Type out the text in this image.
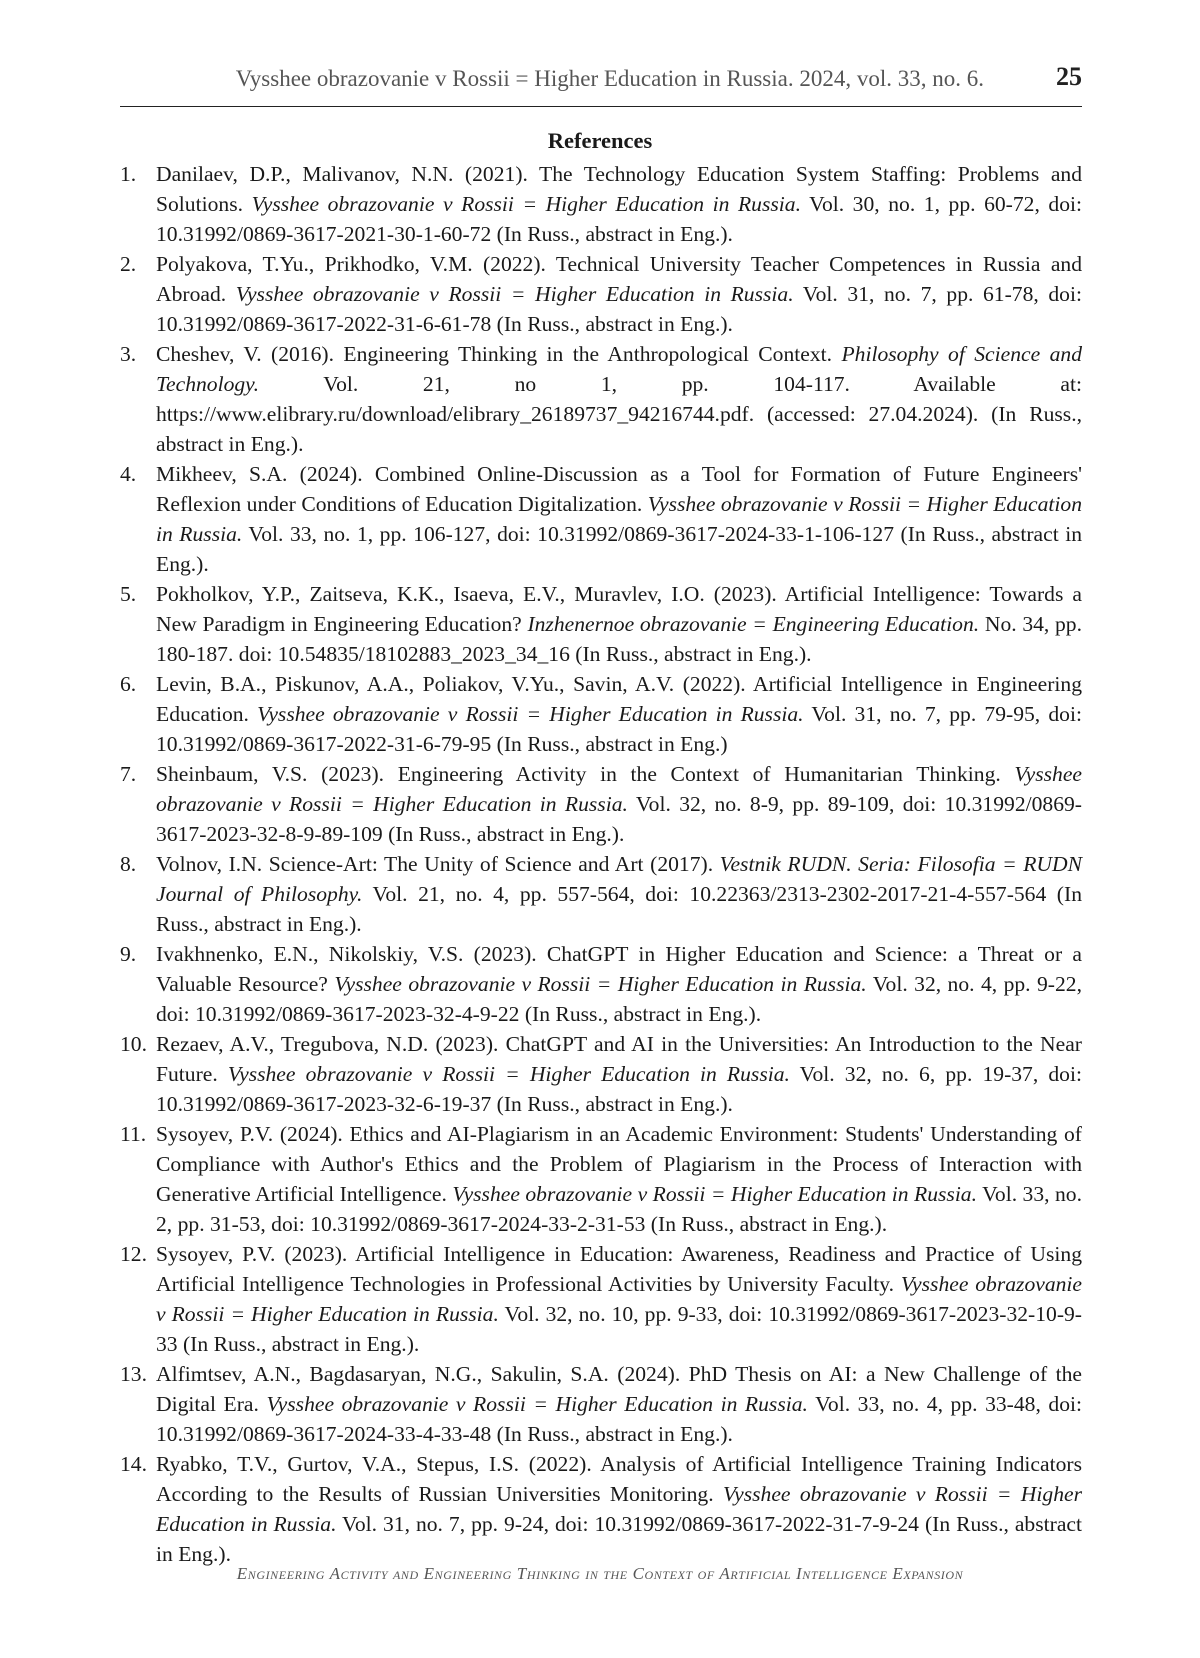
Vysshee obrazovanie v Rossii = Higher Education in Russia. 2024, vol. 33, no. 6.	25
References
1. Danilaev, D.P., Malivanov, N.N. (2021). The Technology Education System Staffing: Problems and Solutions. Vysshee obrazovanie v Rossii = Higher Education in Russia. Vol. 30, no. 1, pp. 60-72, doi: 10.31992/0869-3617-2021-30-1-60-72 (In Russ., abstract in Eng.).
2. Polyakova, T.Yu., Prikhodko, V.M. (2022). Technical University Teacher Competences in Russia and Abroad. Vysshee obrazovanie v Rossii = Higher Education in Russia. Vol. 31, no. 7, pp. 61-78, doi: 10.31992/0869-3617-2022-31-6-61-78 (In Russ., abstract in Eng.).
3. Cheshev, V. (2016). Engineering Thinking in the Anthropological Context. Philosophy of Science and Technology. Vol. 21, no 1, pp. 104-117. Available at: https://www.elibrary.ru/download/elibrary_26189737_94216744.pdf. (accessed: 27.04.2024). (In Russ., abstract in Eng.).
4. Mikheev, S.A. (2024). Combined Online-Discussion as a Tool for Formation of Future Engineers' Reflexion under Conditions of Education Digitalization. Vysshee obrazovanie v Rossii = Higher Education in Russia. Vol. 33, no. 1, pp. 106-127, doi: 10.31992/0869-3617-2024-33-1-106-127 (In Russ., abstract in Eng.).
5. Pokholkov, Y.P., Zaitseva, K.K., Isaeva, E.V., Muravlev, I.O. (2023). Artificial Intelligence: Towards a New Paradigm in Engineering Education? Inzhenernoe obrazovanie = Engineering Education. No. 34, pp. 180-187. doi: 10.54835/18102883_2023_34_16 (In Russ., abstract in Eng.).
6. Levin, B.A., Piskunov, A.A., Poliakov, V.Yu., Savin, A.V. (2022). Artificial Intelligence in Engineering Education. Vysshee obrazovanie v Rossii = Higher Education in Russia. Vol. 31, no. 7, pp. 79-95, doi: 10.31992/0869-3617-2022-31-6-79-95 (In Russ., abstract in Eng.)
7. Sheinbaum, V.S. (2023). Engineering Activity in the Context of Humanitarian Thinking. Vysshee obrazovanie v Rossii = Higher Education in Russia. Vol. 32, no. 8-9, pp. 89-109, doi: 10.31992/0869-3617-2023-32-8-9-89-109 (In Russ., abstract in Eng.).
8. Volnov, I.N. Science-Art: The Unity of Science and Art (2017). Vestnik RUDN. Seria: Filosofia = RUDN Journal of Philosophy. Vol. 21, no. 4, pp. 557-564, doi: 10.22363/2313-2302-2017-21-4-557-564 (In Russ., abstract in Eng.).
9. Ivakhnenko, E.N., Nikolskiy, V.S. (2023). ChatGPT in Higher Education and Science: a Threat or a Valuable Resource? Vysshee obrazovanie v Rossii = Higher Education in Russia. Vol. 32, no. 4, pp. 9-22, doi: 10.31992/0869-3617-2023-32-4-9-22 (In Russ., abstract in Eng.).
10. Rezaev, A.V., Tregubova, N.D. (2023). ChatGPT and AI in the Universities: An Introduction to the Near Future. Vysshee obrazovanie v Rossii = Higher Education in Russia. Vol. 32, no. 6, pp. 19-37, doi: 10.31992/0869-3617-2023-32-6-19-37 (In Russ., abstract in Eng.).
11. Sysoyev, P.V. (2024). Ethics and AI-Plagiarism in an Academic Environment: Students' Understanding of Compliance with Author's Ethics and the Problem of Plagiarism in the Process of Interaction with Generative Artificial Intelligence. Vysshee obrazovanie v Rossii = Higher Education in Russia. Vol. 33, no. 2, pp. 31-53, doi: 10.31992/0869-3617-2024-33-2-31-53 (In Russ., abstract in Eng.).
12. Sysoyev, P.V. (2023). Artificial Intelligence in Education: Awareness, Readiness and Practice of Using Artificial Intelligence Technologies in Professional Activities by University Faculty. Vysshee obrazovanie v Rossii = Higher Education in Russia. Vol. 32, no. 10, pp. 9-33, doi: 10.31992/0869-3617-2023-32-10-9-33 (In Russ., abstract in Eng.).
13. Alfimtsev, A.N., Bagdasaryan, N.G., Sakulin, S.A. (2024). PhD Thesis on AI: a New Challenge of the Digital Era. Vysshee obrazovanie v Rossii = Higher Education in Russia. Vol. 33, no. 4, pp. 33-48, doi: 10.31992/0869-3617-2024-33-4-33-48 (In Russ., abstract in Eng.).
14. Ryabko, T.V., Gurtov, V.A., Stepus, I.S. (2022). Analysis of Artificial Intelligence Training Indicators According to the Results of Russian Universities Monitoring. Vysshee obrazovanie v Rossii = Higher Education in Russia. Vol. 31, no. 7, pp. 9-24, doi: 10.31992/0869-3617-2022-31-7-9-24 (In Russ., abstract in Eng.).
Engineering Activity and Engineering Thinking in the Context of Artificial Intelligence Expansion
